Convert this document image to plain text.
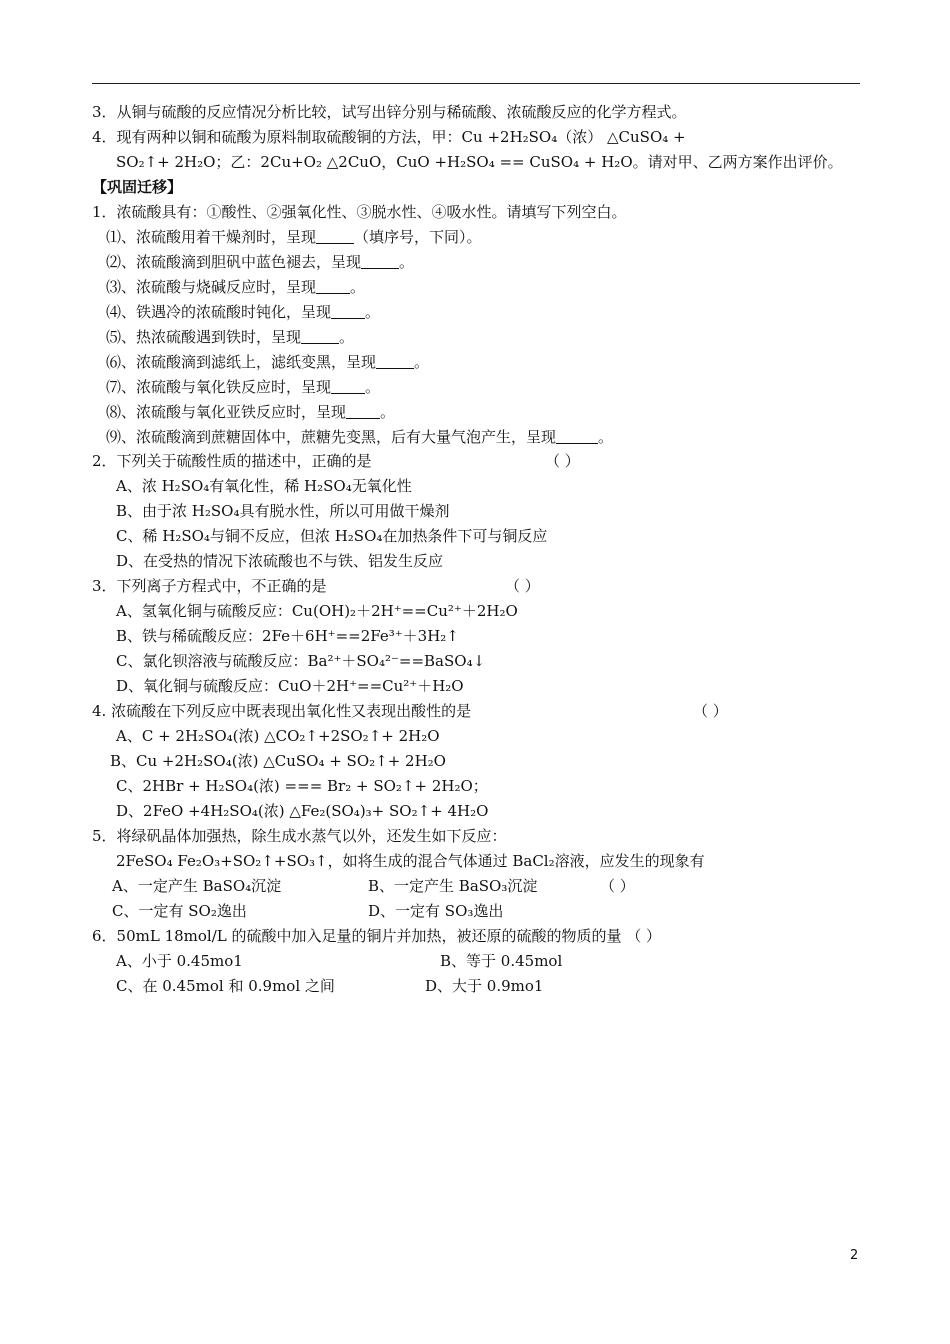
3．从铜与硫酸的反应情况分析比较，试写出锌分别与稀硫酸、浓硫酸反应的化学方程式。
4．现有两种以铜和硫酸为原料制取硫酸铜的方法，甲：Cu +2H₂SO₄（浓） △CuSO₄ +
SO₂↑+ 2H₂O；乙：2Cu+O₂ △2CuO，CuO +H₂SO₄ == CuSO₄ + H₂O。请对甲、乙两方案作出评价。
【巩固迁移】
1．浓硫酸具有：①酸性、②强氧化性、③脱水性、④吸水性。请填写下列空白。
⑴、浓硫酸用着干燥剂时，呈现	（填序号，下同）。
⑵、浓硫酸滴到胆矾中蓝色褪去，呈现	。
⑶、浓硫酸与烧碱反应时，呈现 。
⑷、铁遇冷的浓硫酸时钝化，呈现 。
⑸、热浓硫酸遇到铁时，呈现	。
⑹、浓硫酸滴到滤纸上，滤纸变黑，呈现	。
⑺、浓硫酸与氧化铁反应时，呈现 。
⑻、浓硫酸与氧化亚铁反应时，呈现 。
⑼、浓硫酸滴到蔗糖固体中，蔗糖先变黑，后有大量气泡产生，呈现	。
2．下列关于硫酸性质的描述中，正确的是	（ ）
A、浓 H₂SO₄有氧化性，稀 H₂SO₄无氧化性
B、由于浓 H₂SO₄具有脱水性，所以可用做干燥剂
C、稀 H₂SO₄与铜不反应，但浓 H₂SO₄在加热条件下可与铜反应
D、在受热的情况下浓硫酸也不与铁、铝发生反应
3．下列离子方程式中，不正确的是	（ ）
A、氢氧化铜与硫酸反应：Cu(OH)₂＋2H⁺==Cu²⁺＋2H₂O
B、铁与稀硫酸反应：2Fe＋6H⁺==2Fe³⁺＋3H₂↑
C、氯化钡溶液与硫酸反应：Ba²⁺＋SO₄²⁻==BaSO₄↓
D、氧化铜与硫酸反应：CuO＋2H⁺==Cu²⁺＋H₂O
4. 浓硫酸在下列反应中既表现出氧化性又表现出酸性的是	（ ）
A、C + 2H₂SO₄(浓) △CO₂↑+2SO₂↑+ 2H₂O
B、Cu +2H₂SO₄(浓) △CuSO₄ + SO₂↑+ 2H₂O
C、2HBr + H₂SO₄(浓) === Br₂ + SO₂↑+ 2H₂O；
D、2FeO +4H₂SO₄(浓) △Fe₂(SO₄)₃+ SO₂↑+ 4H₂O
5．将绿矾晶体加强热，除生成水蒸气以外，还发生如下反应：
2FeSO₄ Fe₂O₃+SO₂↑+SO₃↑，如将生成的混合气体通过 BaCl₂溶液，应发生的现象有
A、一定产生 BaSO₄沉淀	B、一定产生 BaSO₃沉淀	（ ）
C、一定有 SO₂逸出	D、一定有 SO₃逸出
6．50mL 18mol/L 的硫酸中加入足量的铜片并加热，被还原的硫酸的物质的量 （ ）
A、小于 0.45mo1	B、等于 0.45mol
C、在 0.45mol 和 0.9mol 之间	D、大于 0.9mo1
2
